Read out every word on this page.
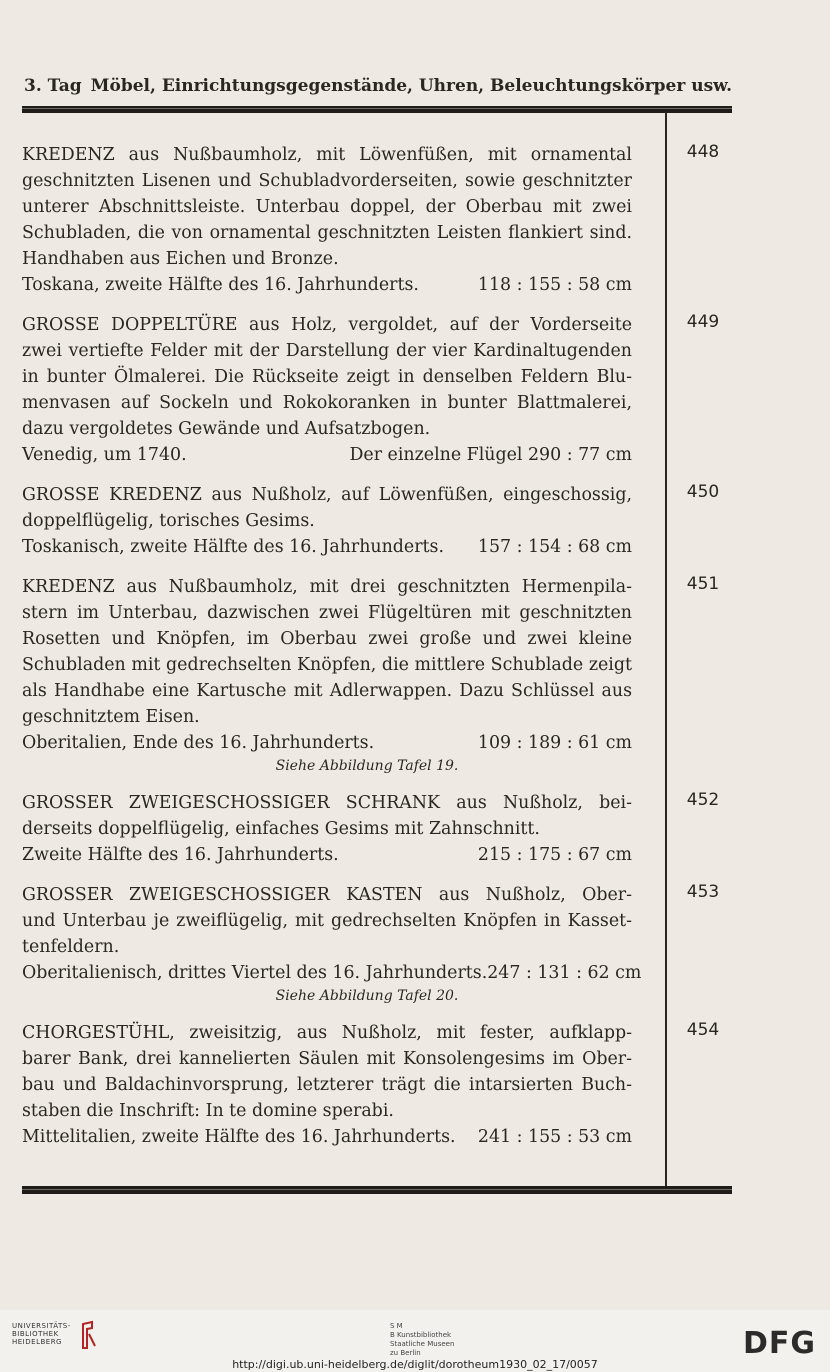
3. Tag Möbel, Einrichtungsgegenstände, Uhren, Beleuchtungskörper usw.
448
KREDENZ aus Nußbaumholz, mit Löwenfüßen, mit ornamental
geschnitzten Lisenen und Schubladvorderseiten, sowie geschnitzter
unterer Abschnittsleiste. Unterbau doppel, der Oberbau mit zwei
Schubladen, die von ornamental geschnitzten Leisten flankiert sind.
Handhaben aus Eichen und Bronze.
Toskana, zweite Hälfte des 16. Jahrhunderts.	118 : 155 : 58 cm
449
GROSSE DOPPELTÜRE aus Holz, vergoldet, auf der Vorderseite
zwei vertiefte Felder mit der Darstellung der vier Kardinaltugenden
in bunter Ölmalerei. Die Rückseite zeigt in denselben Feldern Blu-
menvasen auf Sockeln und Rokokoranken in bunter Blattmalerei,
dazu vergoldetes Gewände und Aufsatzbogen.
Venedig, um 1740.	Der einzelne Flügel 290 : 77 cm
450
GROSSE KREDENZ aus Nußholz, auf Löwenfüßen, eingeschossig,
doppelflügelig, torisches Gesims.
Toskanisch, zweite Hälfte des 16. Jahrhunderts. 157 : 154 : 68 cm
451
KREDENZ aus Nußbaumholz, mit drei geschnitzten Hermenpila-
stern im Unterbau, dazwischen zwei Flügeltüren mit geschnitzten
Rosetten und Knöpfen, im Oberbau zwei große und zwei kleine
Schubladen mit gedrechselten Knöpfen, die mittlere Schublade zeigt
als Handhabe eine Kartusche mit Adlerwappen. Dazu Schlüssel aus
geschnitztem Eisen.
Oberitalien, Ende des 16. Jahrhunderts.	109 : 189 : 61 cm
Siehe Abbildung Tafel 19.
452
GROSSER ZWEIGESCHOSSIGER SCHRANK aus Nußholz, bei-
derseits doppelflügelig, einfaches Gesims mit Zahnschnitt.
Zweite Hälfte des 16. Jahrhunderts.	215 : 175 : 67 cm
453
GROSSER ZWEIGESCHOSSIGER KASTEN aus Nußholz, Ober-
und Unterbau je zweiflügelig, mit gedrechselten Knöpfen in Kasset-
tenfeldern.
Oberitalienisch, drittes Viertel des 16. Jahrhunderts. 247 : 131 : 62 cm
Siehe Abbildung Tafel 20.
454
CHORGESTÜHL, zweisitzig, aus Nußholz, mit fester, aufklapp-
barer Bank, drei kannelierten Säulen mit Konsolengesims im Ober-
bau und Baldachinvorsprung, letzterer trägt die intarsierten Buch-
staben die Inschrift: In te domine sperabi.
Mittelitalien, zweite Hälfte des 16. Jahrhunderts. 241 : 155 : 53 cm
UNIVERSITÄTS-
BIBLIOTHEK
HEIDELBERG
S M
B Kunstbibliothek
Staatliche Museen
zu Berlin	DFG
http://digi.ub.uni-heidelberg.de/diglit/dorotheum1930_02_17/0057
